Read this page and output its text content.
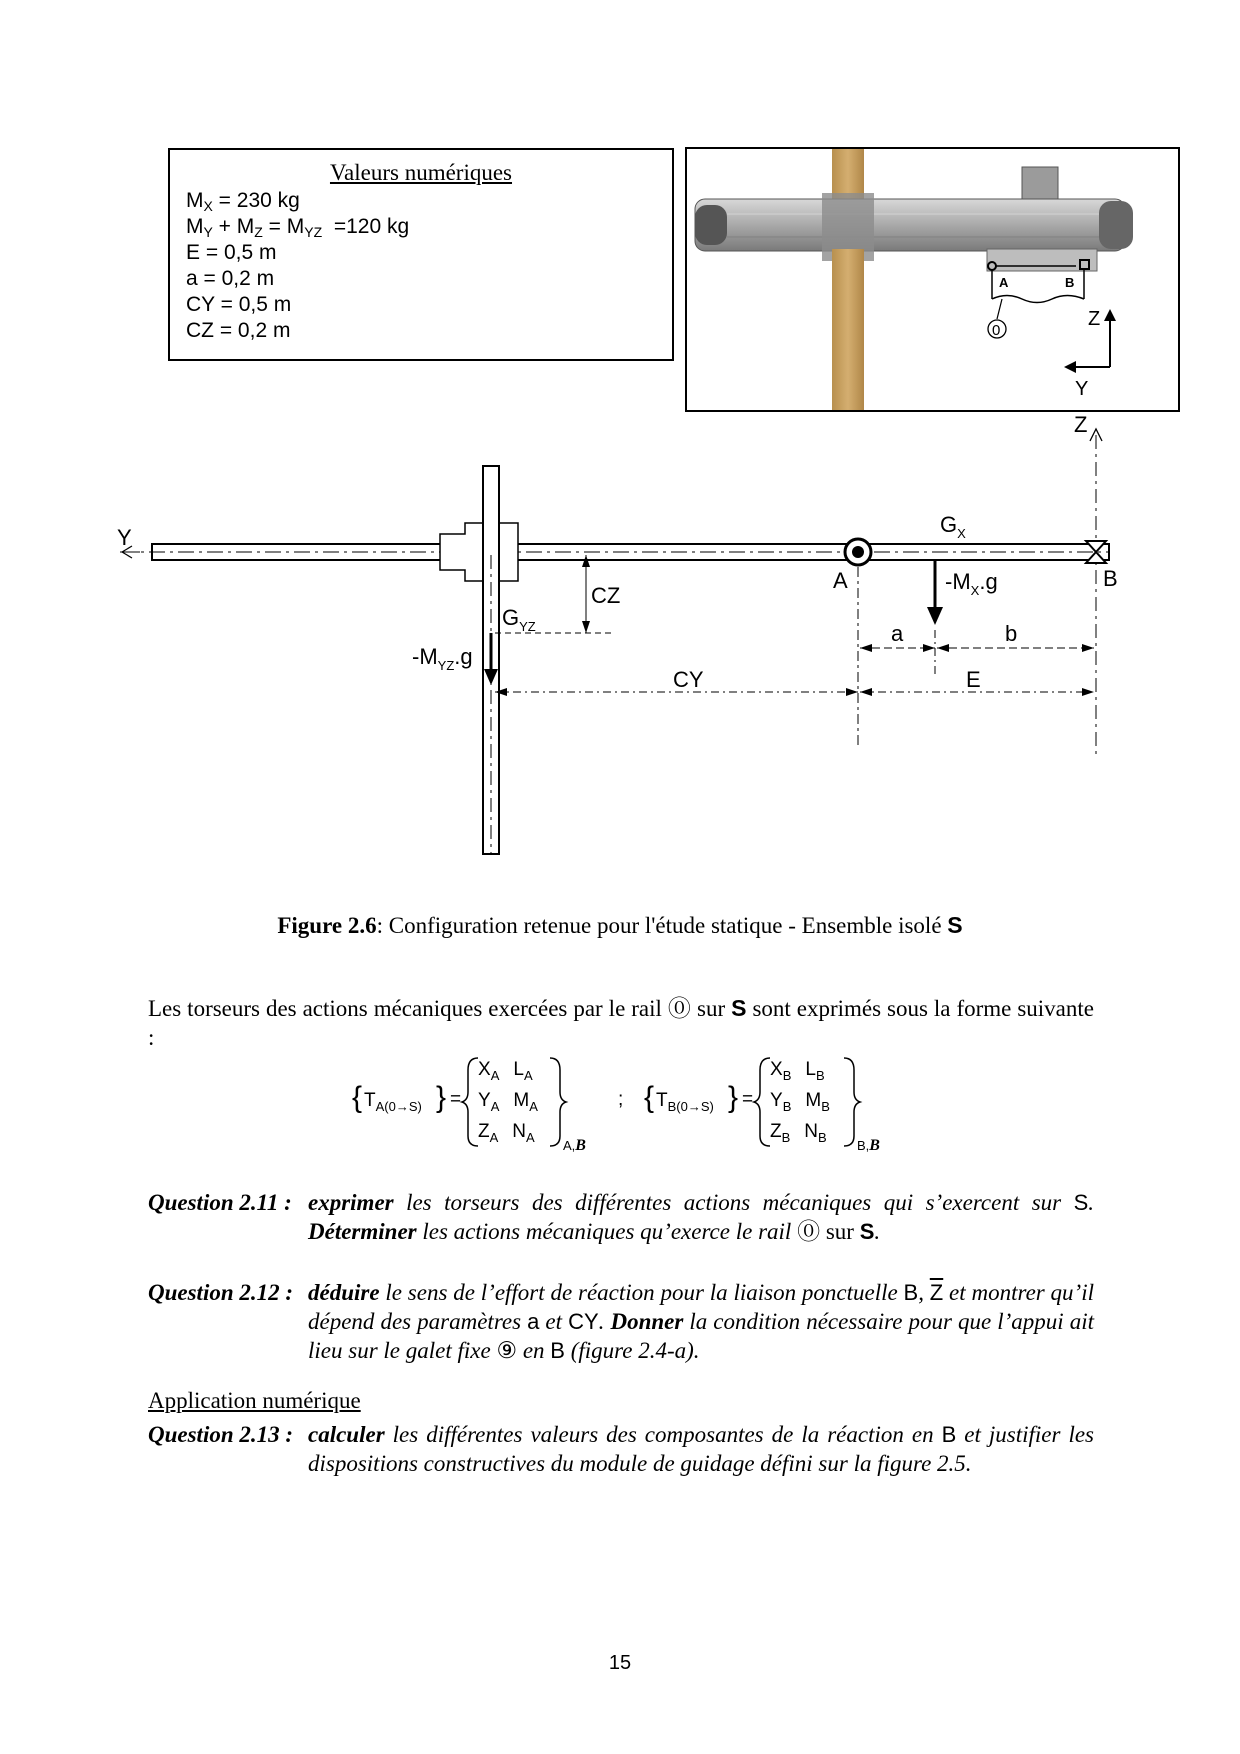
Valeurs numériques
$M_X = 230$ kg
$M_Y + M_Z = M_{YZ} =120$ kg
E = 0,5 m
a = 0,2 m
CY = 0,5 m
CZ = 0,2 m
A	B
0
Z
Y
Y
Z
A	B
$G_X$
$-M_X.g$
CZ
$G_{YZ}$
$-M_{YZ}.g$
a	b
CY	E
Figure 2.6: Configuration retenue pour l'étude statique - Ensemble isolé S
Les torseurs des actions mécaniques exercées par le rail ⓪ sur S sont exprimés sous la forme suivante :
{ $T_{A(0\to S)}$ } =
$X_A$ $L_A$
$Y_A$ $M_A$
$Z_A$ $N_A$
A,B
; { $T_{B(0\to S)}$ } =
$X_B$ $L_B$
$Y_B$ $M_B$
$Z_B$ $N_B$
B,B
Question 2.11 : exprimer les torseurs des différentes actions mécaniques qui s’exercent sur S. Déterminer les actions mécaniques qu’exerce le rail ⓪ sur S.
Question 2.12 : déduire le sens de l’effort de réaction pour la liaison ponctuelle B, $\overline{Z}$ et montrer qu’il dépend des paramètres a et CY. Donner la condition nécessaire pour que l’appui ait lieu sur le galet fixe ⑨ en B (figure 2.4-a).
Application numérique
Question 2.13 : calculer les différentes valeurs des composantes de la réaction en B et justifier les dispositions constructives du module de guidage défini sur la figure 2.5.
15
